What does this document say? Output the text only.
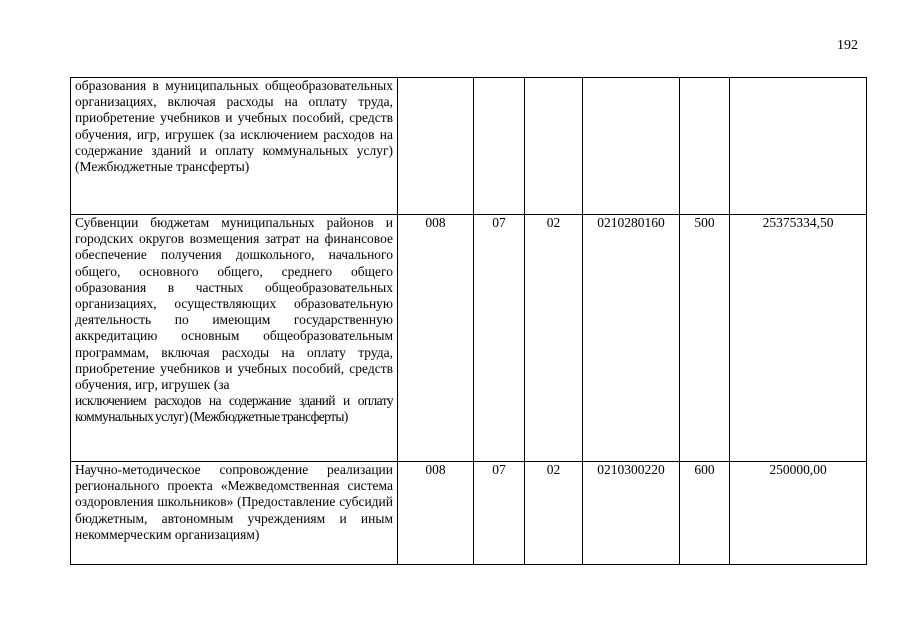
192
образования в муниципальных общеобразовательных организациях, включая расходы на оплату труда, приобретение учебников и учебных пособий, средств обучения, игр, игрушек (за исключением расходов на содержание зданий и оплату коммунальных услуг) (Межбюджетные трансферты)						

Субвенции бюджетам муниципальных районов и городских округов возмещения затрат на финансовое обеспечение получения дошкольного, начального общего, основного общего, среднего общего образования в частных общеобразовательных организациях, осуществляющих образовательную деятельность по имеющим государственную аккредитацию основным общеобразовательным программам, включая расходы на оплату труда, приобретение учебников и учебных пособий, средств обучения, игр, игрушек (за
исключением расходов на содержание зданий и оплату коммунальных услуг) (Межбюджетные трансферты)	008	07	02	0210280160	500	25375334,50

Научно-методическое сопровождение реализации регионального проекта «Межведомственная система оздоровления школьников» (Предоставление субсидий бюджетным, автономным учреждениям и иным некоммерческим организациям)	008	07	02	0210300220	600	250000,00
